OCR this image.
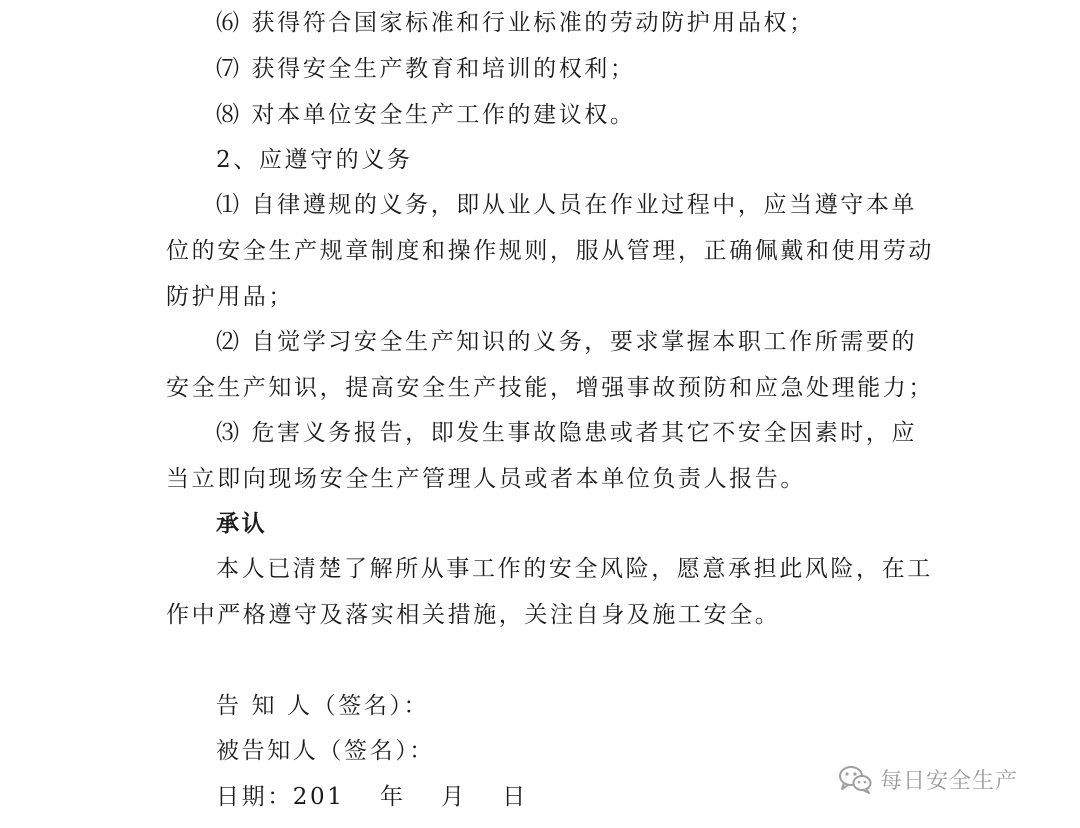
⑹ 获得符合国家标准和行业标准的劳动防护用品权；
⑺ 获得安全生产教育和培训的权利；
⑻ 对本单位安全生产工作的建议权。
2、应遵守的义务
⑴ 自律遵规的义务，即从业人员在作业过程中，应当遵守本单
位的安全生产规章制度和操作规则，服从管理，正确佩戴和使用劳动
防护用品；
⑵ 自觉学习安全生产知识的义务，要求掌握本职工作所需要的
安全生产知识，提高安全生产技能，增强事故预防和应急处理能力；
⑶ 危害义务报告，即发生事故隐患或者其它不安全因素时，应
当立即向现场安全生产管理人员或者本单位负责人报告。
承认
本人已清楚了解所从事工作的安全风险，愿意承担此风险，在工
作中严格遵守及落实相关措施，关注自身及施工安全。
告 知 人（签名）：
被告知人（签名）：
日期：201　 年　 月　 日
每日安全生产
